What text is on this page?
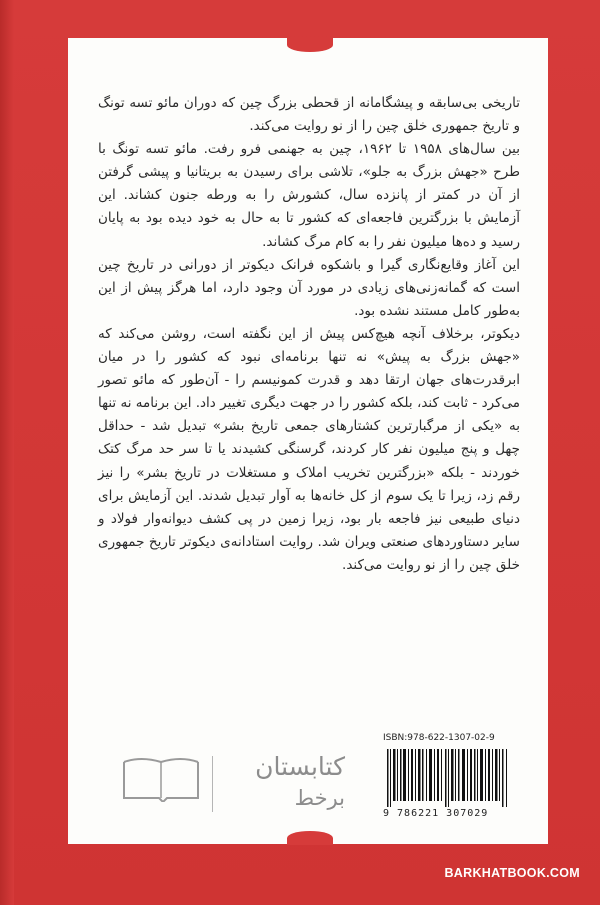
تاریخی بی‌سابقه و پیشگامانه از قحطی بزرگ چین که دوران مائو تسه تونگ و تاریخ جمهوری خلق چین را از نو روایت می‌کند.

بین سال‌های ۱۹۵۸ تا ۱۹۶۲، چین به جهنمی فرو رفت. مائو تسه تونگ با طرح «جهش بزرگ به جلو»، تلاشی برای رسیدن به بریتانیا و پیشی گرفتن از آن در کمتر از پانزده سال، کشورش را به ورطه جنون کشاند. این آزمایش با بزرگترین فاجعه‌ای که کشور تا به حال به خود دیده بود به پایان رسید و ده‌ها میلیون نفر را به کام مرگ کشاند.

این آغاز وقایع‌نگاری گیرا و باشکوه فرانک دیکوتر از دورانی در تاریخ چین است که گمانه‌زنی‌های زیادی در مورد آن وجود دارد، اما هرگز پیش از این به‌طور کامل مستند نشده بود.

دیکوتر، برخلاف آنچه هیچ‌کس پیش از این نگفته است، روشن می‌کند که «جهش بزرگ به پیش» نه تنها برنامه‌ای نبود که کشور را در میان ابرقدرت‌های جهان ارتقا دهد و قدرت کمونیسم را - آن‌طور که مائو تصور می‌کرد - ثابت کند، بلکه کشور را در جهت دیگری تغییر داد. این برنامه نه تنها به «یکی از مرگبارترین کشتارهای جمعی تاریخ بشر» تبدیل شد - حداقل چهل و پنج میلیون نفر کار کردند، گرسنگی کشیدند یا تا سر حد مرگ کتک خوردند - بلکه «بزرگترین تخریب املاک و مستغلات در تاریخ بشر» را نیز رقم زد، زیرا تا یک سوم از کل خانه‌ها به آوار تبدیل شدند. این آزمایش برای دنیای طبیعی نیز فاجعه بار بود، زیرا زمین در پی کشف دیوانه‌وار فولاد و سایر دستاوردهای صنعتی ویران شد. روایت استادانه‌ی دیکوتر تاریخ جمهوری خلق چین را از نو روایت می‌کند.

کتابستان
برخط
ISBN:978-622-1307-02-9
9 786221 307029
BARKHATBOOK.COM
